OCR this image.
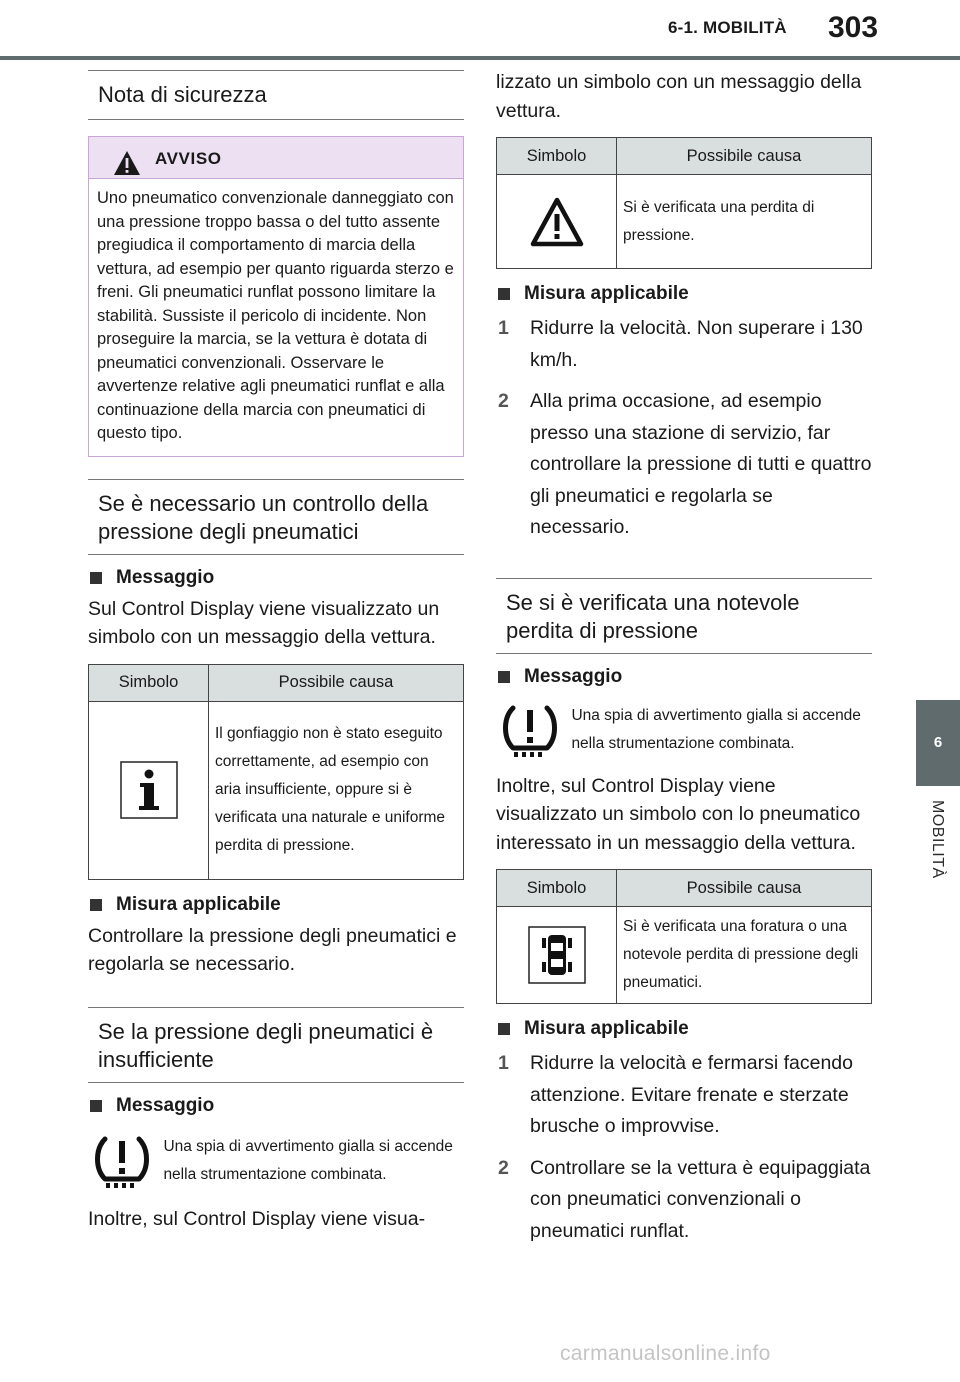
6-1. MOBILITÀ 303
6
MOBILITÀ
Nota di sicurezza
AVVISO
Uno pneumatico convenzionale danneggiato con una pressione troppo bassa o del tutto assente pregiudica il comportamento di marcia della vettura, ad esempio per quanto riguarda sterzo e freni. Gli pneumatici runflat possono limitare la stabilità. Sussiste il pericolo di incidente. Non proseguire la marcia, se la vettura è dotata di pneumatici convenzionali. Osservare le avvertenze relative agli pneumatici runflat e alla continuazione della marcia con pneumatici di questo tipo.
Se è necessario un controllo della pressione degli pneumatici
Messaggio
Sul Control Display viene visualizzato un simbolo con un messaggio della vettura.
Simbolo	Possibile causa
	Il gonfiaggio non è stato eseguito correttamente, ad esempio con aria insufficiente, oppure si è verificata una naturale e uniforme perdita di pressione.
Misura applicabile
Controllare la pressione degli pneumatici e regolarla se necessario.
Se la pressione degli pneumatici è insufficiente
Messaggio
Una spia di avvertimento gialla si accende nella strumentazione combinata.
Inoltre, sul Control Display viene visua-
lizzato un simbolo con un messaggio della vettura.
Simbolo	Possibile causa
	Si è verificata una perdita di pressione.
Misura applicabile
1	Ridurre la velocità. Non superare i 130 km/h.
2	Alla prima occasione, ad esempio presso una stazione di servizio, far controllare la pressione di tutti e quattro gli pneumatici e regolarla se necessario.
Se si è verificata una notevole perdita di pressione
Messaggio
Una spia di avvertimento gialla si accende nella strumentazione combinata.
Inoltre, sul Control Display viene visualizzato un simbolo con lo pneumatico interessato in un messaggio della vettura.
Simbolo	Possibile causa
	Si è verificata una foratura o una notevole perdita di pressione degli pneumatici.
Misura applicabile
1	Ridurre la velocità e fermarsi facendo attenzione. Evitare frenate e sterzate brusche o improvvise.
2	Controllare se la vettura è equipaggiata con pneumatici convenzionali o pneumatici runflat.
carmanualsonline.info
